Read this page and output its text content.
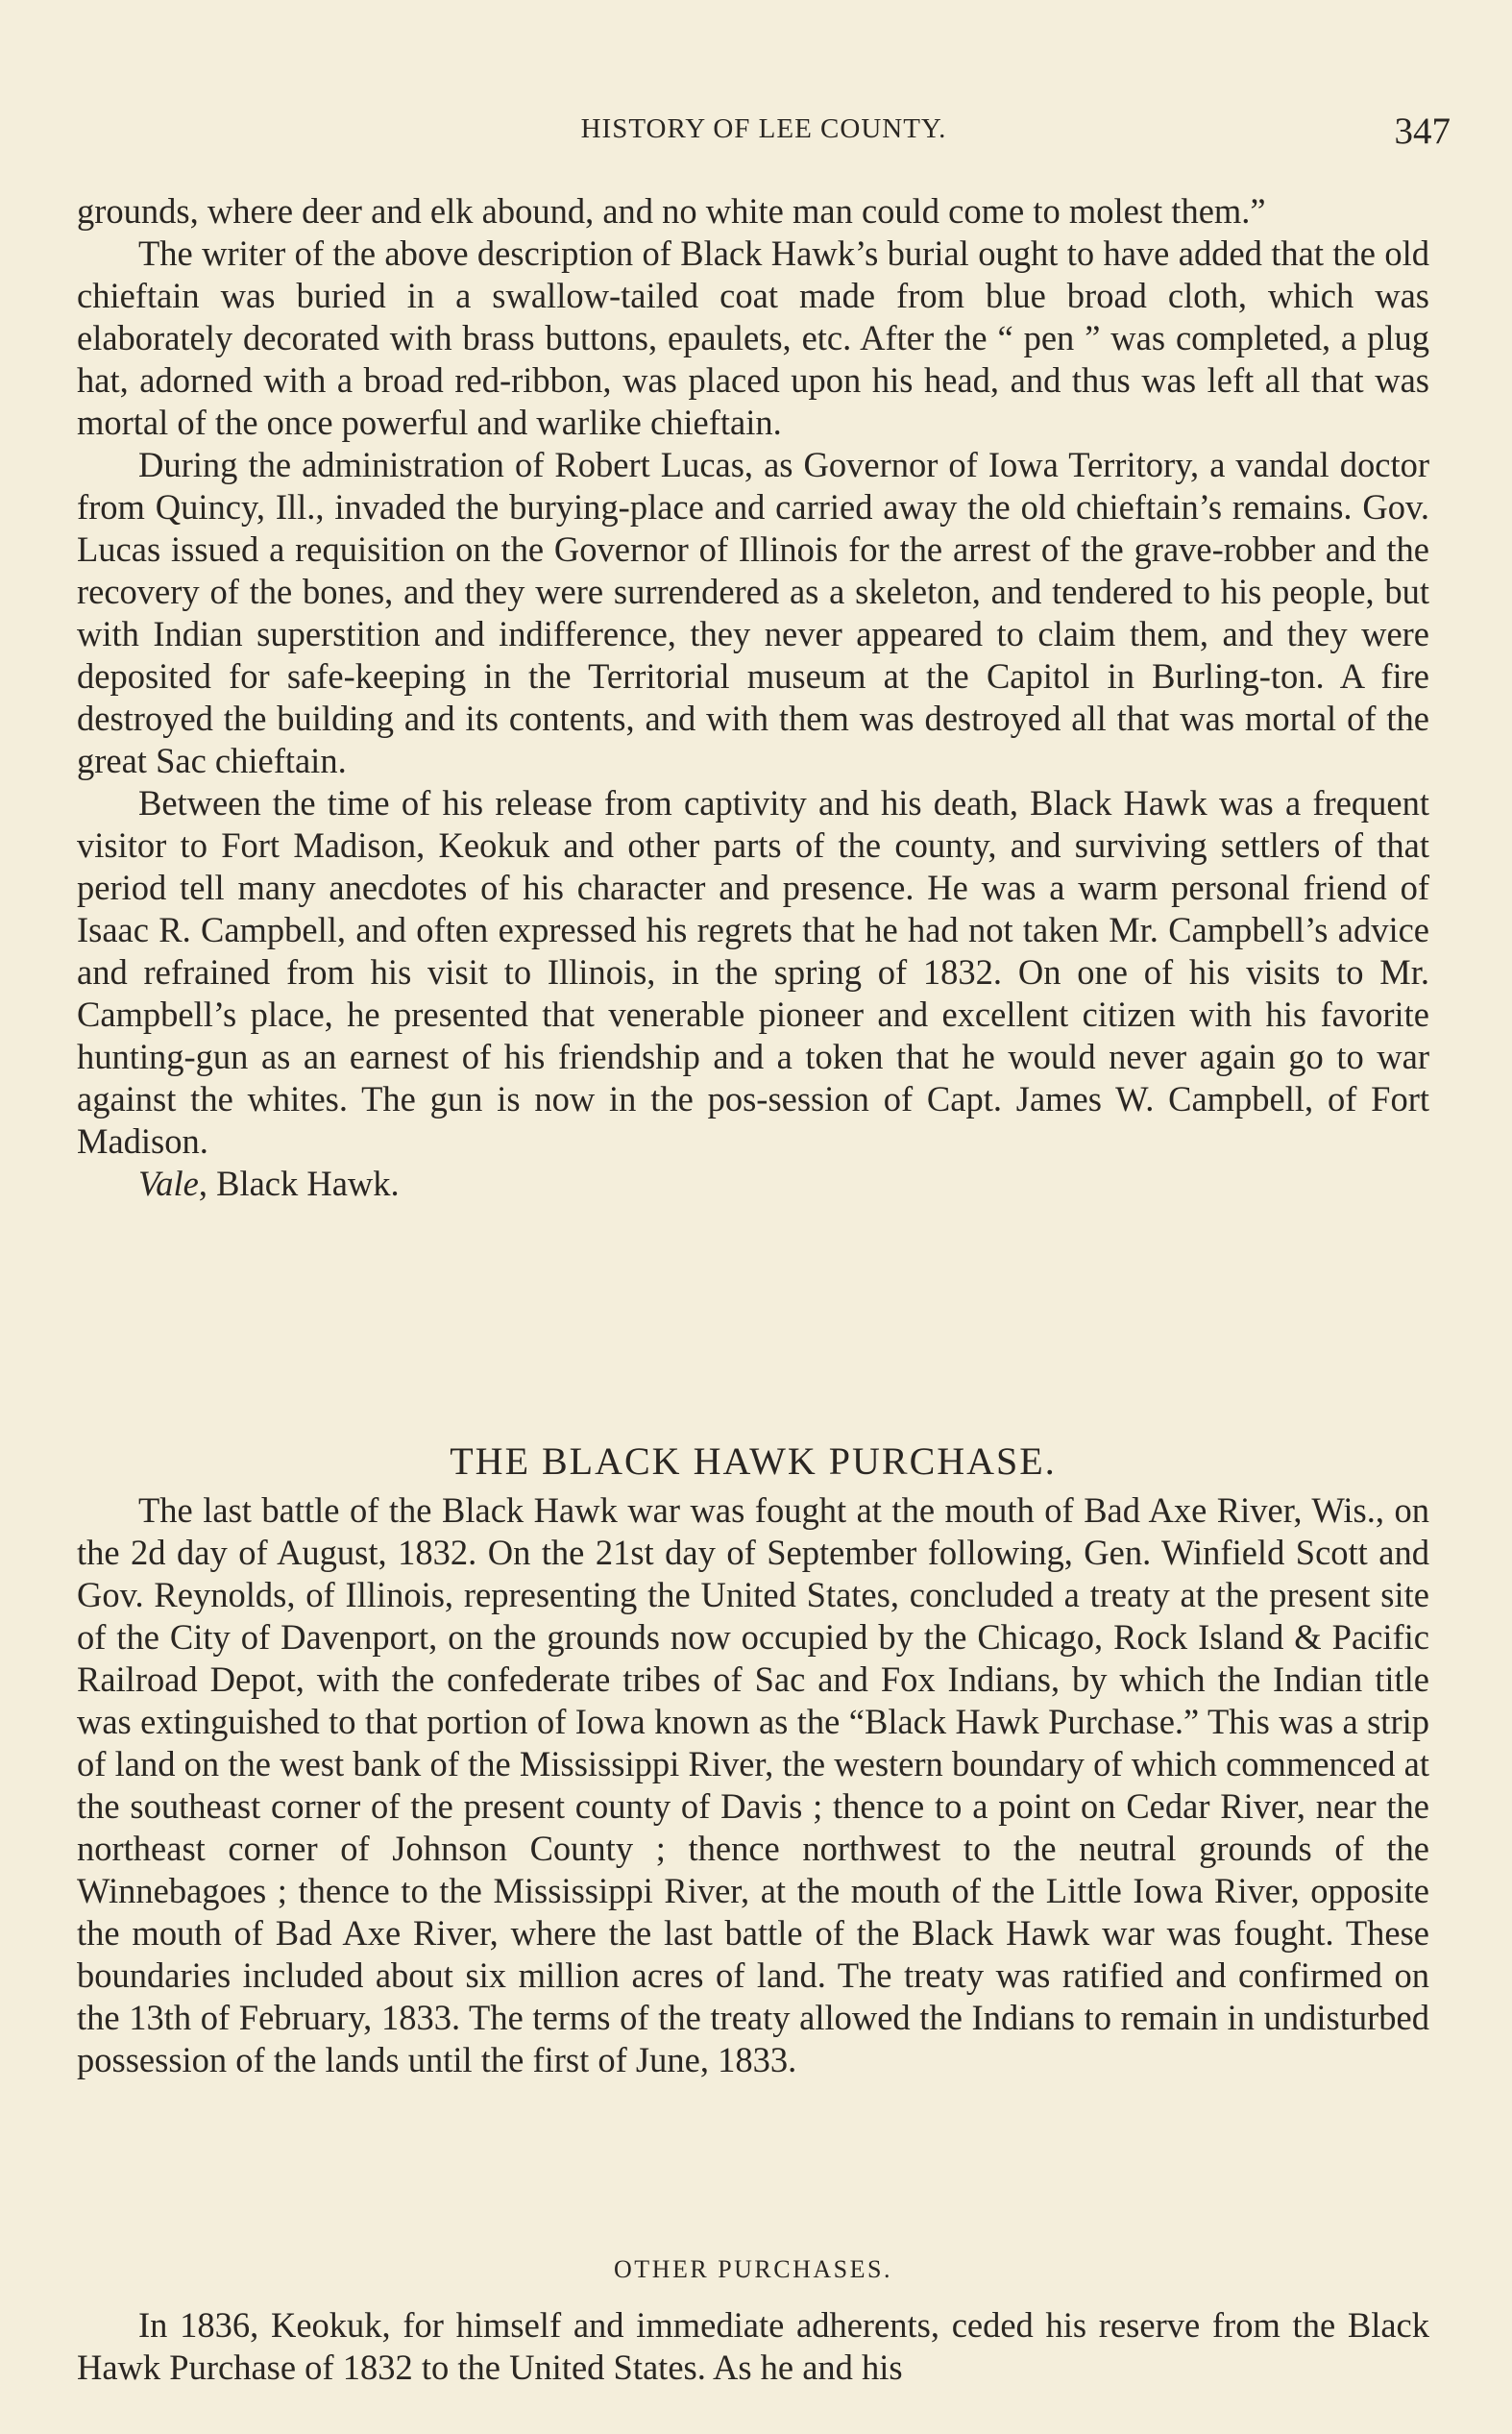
HISTORY OF LEE COUNTY.	347

grounds, where deer and elk abound, and no white man could come to molest them.”

The writer of the above description of Black Hawk’s burial ought to have added that the old chieftain was buried in a swallow-tailed coat made from blue broad cloth, which was elaborately decorated with brass buttons, epaulets, etc. After the “ pen ” was completed, a plug hat, adorned with a broad red-ribbon, was placed upon his head, and thus was left all that was mortal of the once powerful and warlike chieftain.

During the administration of Robert Lucas, as Governor of Iowa Territory, a vandal doctor from Quincy, Ill., invaded the burying-place and carried away the old chieftain’s remains. Gov. Lucas issued a requisition on the Governor of Illinois for the arrest of the grave-robber and the recovery of the bones, and they were surrendered as a skeleton, and tendered to his people, but with Indian superstition and indifference, they never appeared to claim them, and they were deposited for safe-keeping in the Territorial museum at the Capitol in Burling-ton. A fire destroyed the building and its contents, and with them was destroyed all that was mortal of the great Sac chieftain.

Between the time of his release from captivity and his death, Black Hawk was a frequent visitor to Fort Madison, Keokuk and other parts of the county, and surviving settlers of that period tell many anecdotes of his character and presence. He was a warm personal friend of Isaac R. Campbell, and often expressed his regrets that he had not taken Mr. Campbell’s advice and refrained from his visit to Illinois, in the spring of 1832. On one of his visits to Mr. Campbell’s place, he presented that venerable pioneer and excellent citizen with his favorite hunting-gun as an earnest of his friendship and a token that he would never again go to war against the whites. The gun is now in the pos-session of Capt. James W. Campbell, of Fort Madison.

Vale, Black Hawk.

THE BLACK HAWK PURCHASE.

The last battle of the Black Hawk war was fought at the mouth of Bad Axe River, Wis., on the 2d day of August, 1832. On the 21st day of September following, Gen. Winfield Scott and Gov. Reynolds, of Illinois, representing the United States, concluded a treaty at the present site of the City of Davenport, on the grounds now occupied by the Chicago, Rock Island & Pacific Railroad Depot, with the confederate tribes of Sac and Fox Indians, by which the Indian title was extinguished to that portion of Iowa known as the “Black Hawk Purchase.” This was a strip of land on the west bank of the Mississippi River, the western boundary of which commenced at the southeast corner of the present county of Davis ; thence to a point on Cedar River, near the northeast corner of Johnson County ; thence northwest to the neutral grounds of the Winnebagoes ; thence to the Mississippi River, at the mouth of the Little Iowa River, opposite the mouth of Bad Axe River, where the last battle of the Black Hawk war was fought. These boundaries included about six million acres of land. The treaty was ratified and confirmed on the 13th of February, 1833. The terms of the treaty allowed the Indians to remain in undisturbed possession of the lands until the first of June, 1833.

OTHER PURCHASES.

In 1836, Keokuk, for himself and immediate adherents, ceded his reserve from the Black Hawk Purchase of 1832 to the United States. As he and his
